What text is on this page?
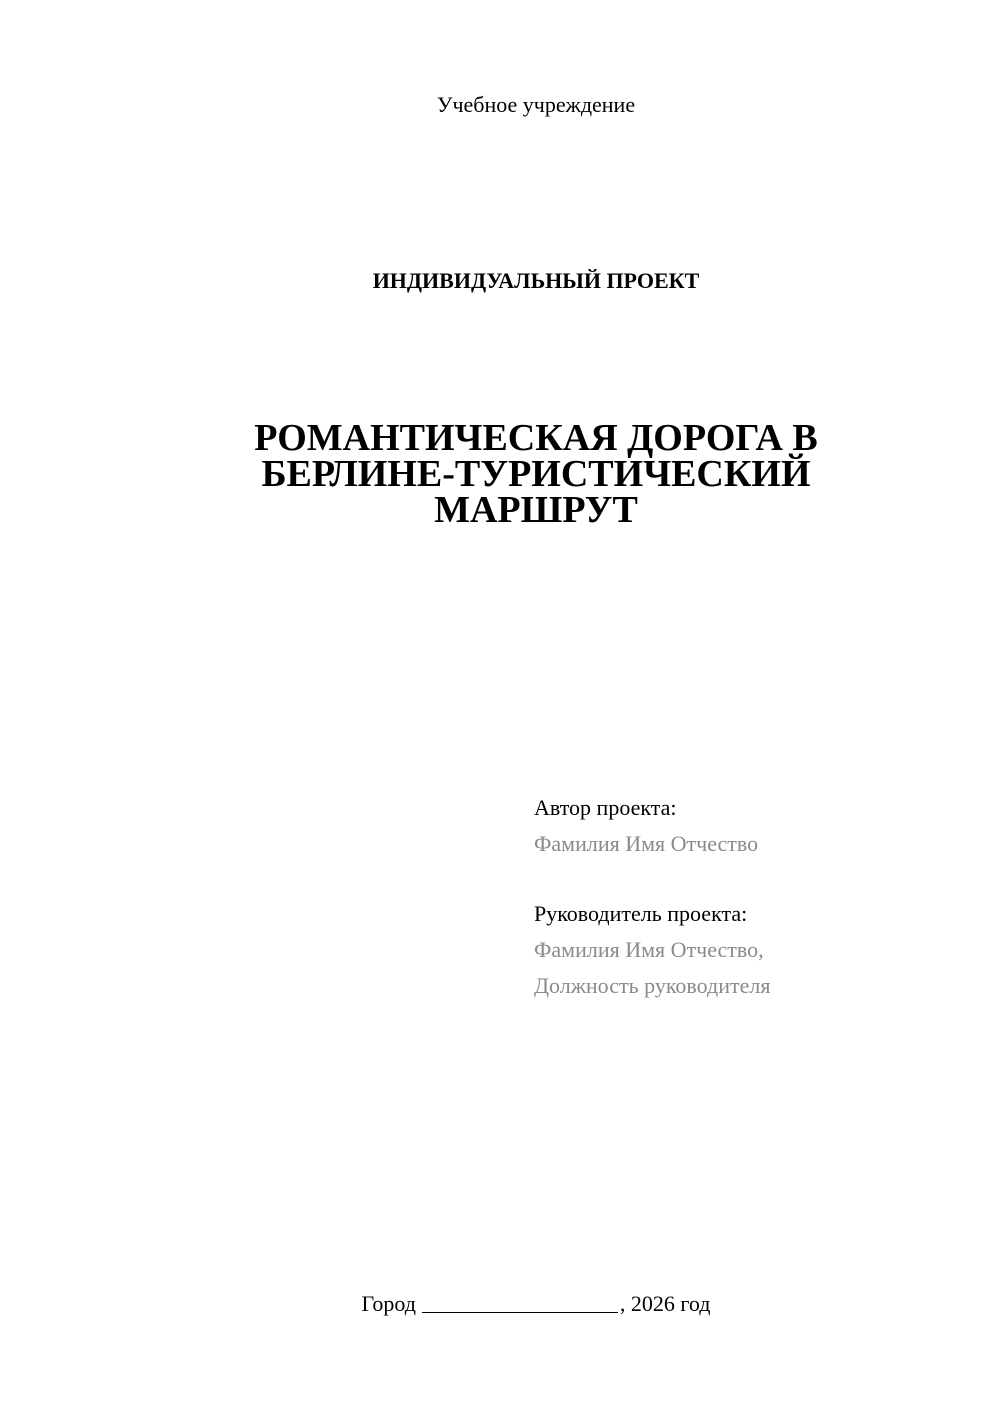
Учебное учреждение
ИНДИВИДУАЛЬНЫЙ ПРОЕКТ
РОМАНТИЧЕСКАЯ ДОРОГА В
БЕРЛИНЕ-ТУРИСТИЧЕСКИЙ
МАРШРУТ
Автор проекта:
Фамилия Имя Отчество
Руководитель проекта:
Фамилия Имя Отчество,
Должность руководителя
Город	, 2026 год
